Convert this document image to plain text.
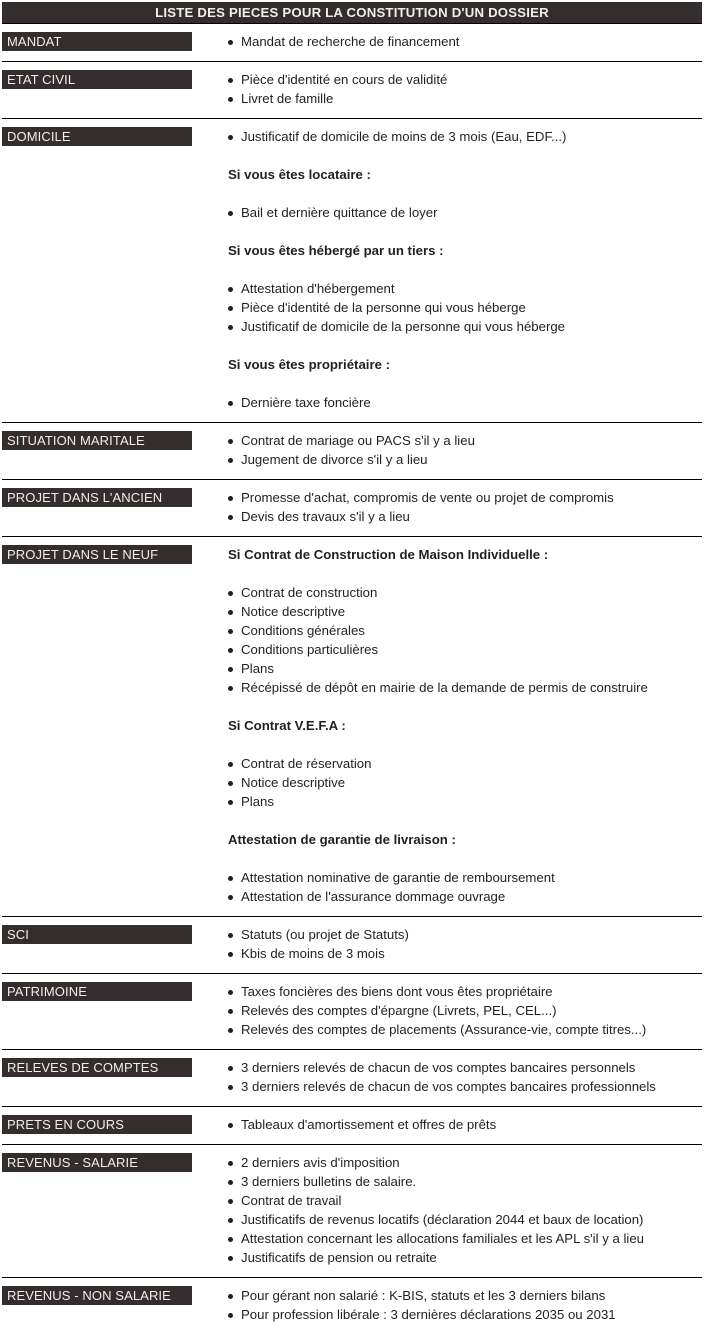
LISTE DES PIECES POUR LA CONSTITUTION D'UN DOSSIER
MANDAT	Mandat de recherche de financement
ETAT CIVIL	Pièce d'identité en cours de validité
Livret de famille
DOMICILE	Justificatif de domicile de moins de 3 mois (Eau, EDF...)
Si vous êtes locataire :
Bail et dernière quittance de loyer
Si vous êtes hébergé par un tiers :
Attestation d'hébergement
Pièce d'identité de la personne qui vous héberge
Justificatif de domicile de la personne qui vous héberge
Si vous êtes propriétaire :
Dernière taxe foncière
SITUATION MARITALE	Contrat de mariage ou PACS s'il y a lieu
Jugement de divorce s'il y a lieu
PROJET DANS L'ANCIEN	Promesse d'achat, compromis de vente ou projet de compromis
Devis des travaux s'il y a lieu
PROJET DANS LE NEUF	Si Contrat de Construction de Maison Individuelle :
Contrat de construction
Notice descriptive
Conditions générales
Conditions particulières
Plans
Récépissé de dépôt en mairie de la demande de permis de construire
Si Contrat V.E.F.A :
Contrat de réservation
Notice descriptive
Plans
Attestation de garantie de livraison :
Attestation nominative de garantie de remboursement
Attestation de l'assurance dommage ouvrage
SCI	Statuts (ou projet de Statuts)
Kbis de moins de 3 mois
PATRIMOINE	Taxes foncières des biens dont vous êtes propriétaire
Relevés des comptes d'épargne (Livrets, PEL, CEL...)
Relevés des comptes de placements (Assurance-vie, compte titres...)
RELEVES DE COMPTES	3 derniers relevés de chacun de vos comptes bancaires personnels
3 derniers relevés de chacun de vos comptes bancaires professionnels
PRETS EN COURS	Tableaux d'amortissement et offres de prêts
REVENUS - SALARIE	2 derniers avis d'imposition
3 derniers bulletins de salaire.
Contrat de travail
Justificatifs de revenus locatifs (déclaration 2044 et baux de location)
Attestation concernant les allocations familiales et les APL s'il y a lieu
Justificatifs de pension ou retraite
REVENUS - NON SALARIE	Pour gérant non salarié : K-BIS, statuts et les 3 derniers bilans
Pour profession libérale : 3 dernières déclarations 2035 ou 2031
